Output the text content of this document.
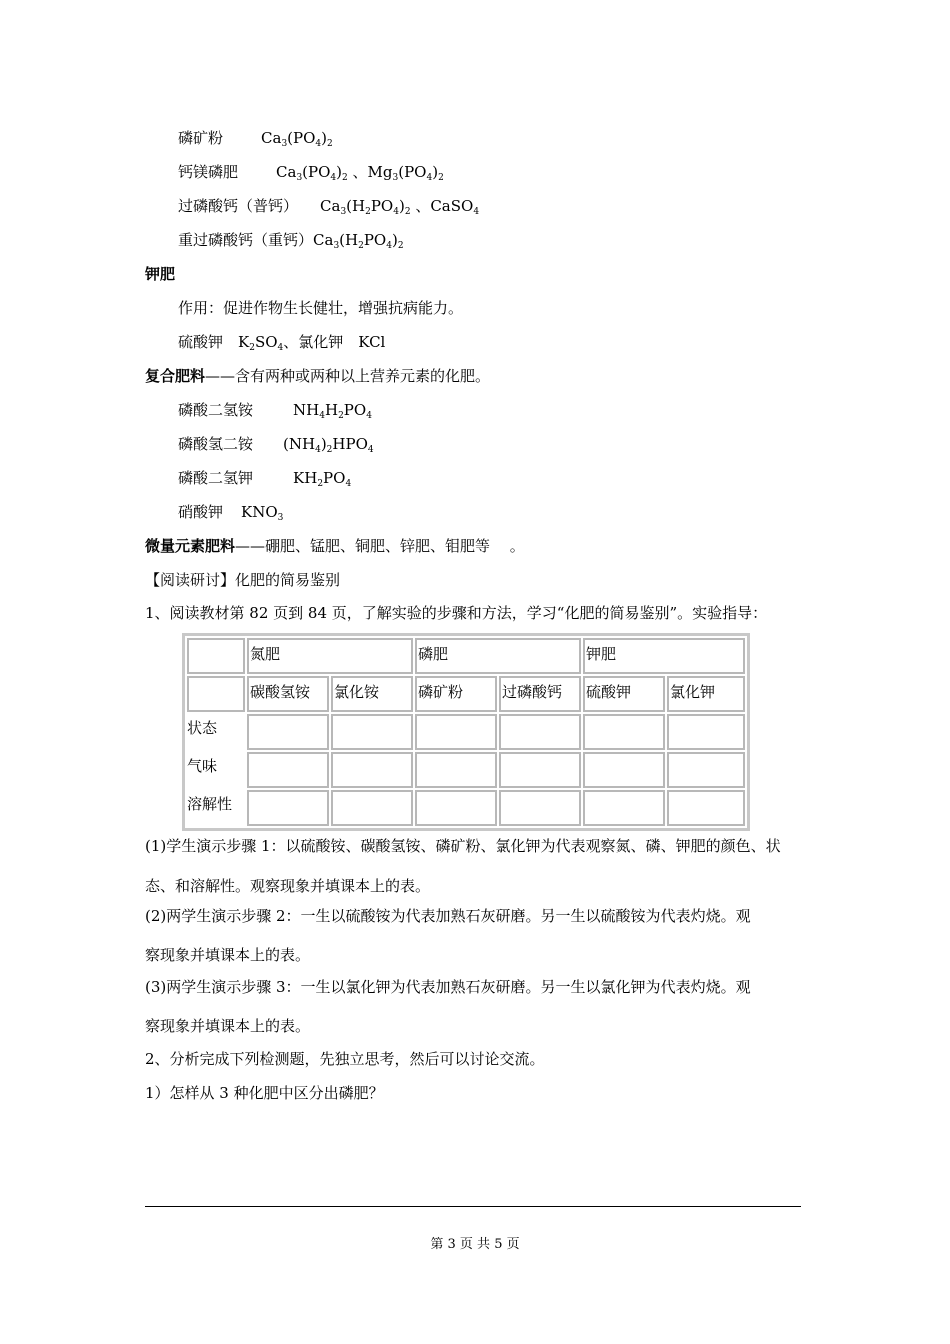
磷矿粉	$Ca_3(PO_4)_2$
钙镁磷肥	$Ca_3(PO_4)_2$ 、$Mg_3(PO_4)_2$
过磷酸钙（普钙） $Ca_3(H_2PO_4)_2$ 、CaSO$_4$
重过磷酸钙（重钙）$Ca_3(H_2PO_4)_2$
钾肥
作用：促进作物生长健壮，增强抗病能力。
硫酸钾　$K_2SO_4$、氯化钾　KCl
复合肥料——含有两种或两种以上营养元素的化肥。
磷酸二氢铵	$NH_4H_2PO_4$
磷酸氢二铵 $(NH_4)_2HPO_4$
磷酸二氢钾	$KH_2PO_4$
硝酸钾 $KNO_3$
微量元素肥料——硼肥、锰肥、铜肥、锌肥、钼肥等　 。
【阅读研讨】化肥的简易鉴别
1、阅读教材第 82 页到 84 页，了解实验的步骤和方法，学习“化肥的简易鉴别”。实验指导：
	氮肥		磷肥		钾肥	
	碳酸氢铵	氯化铵	磷矿粉	过磷酸钙	硫酸钾	氯化钾
状态						
气味						
溶解性						
(1)学生演示步骤 1：以硫酸铵、碳酸氢铵、磷矿粉、氯化钾为代表观察氮、磷、钾肥的颜色、状
态、和溶解性。观察现象并填课本上的表。
(2)两学生演示步骤 2：一生以硫酸铵为代表加熟石灰研磨。另一生以硫酸铵为代表灼烧。观
察现象并填课本上的表。
(3)两学生演示步骤 3：一生以氯化钾为代表加熟石灰研磨。另一生以氯化钾为代表灼烧。观
察现象并填课本上的表。
2、分析完成下列检测题，先独立思考，然后可以讨论交流。
1）怎样从 3 种化肥中区分出磷肥？
第 3 页 共 5 页
